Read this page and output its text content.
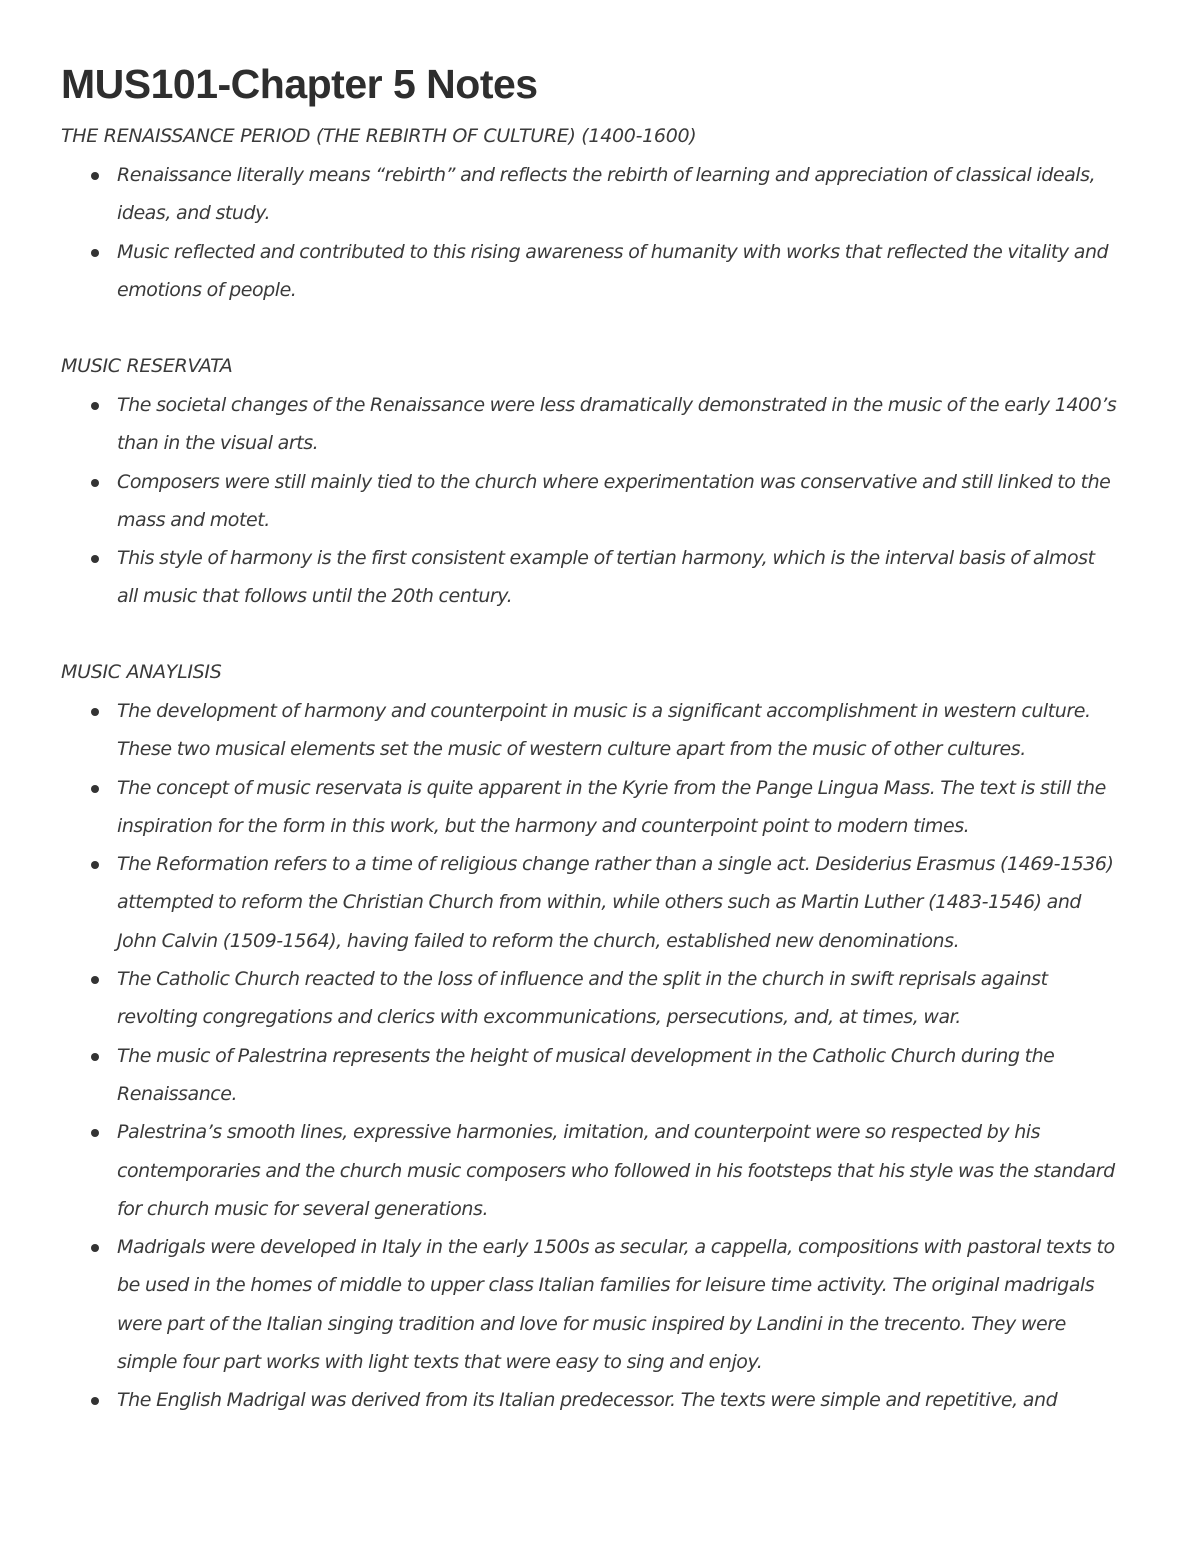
MUS101-Chapter 5 Notes
THE RENAISSANCE PERIOD (THE REBIRTH OF CULTURE) (1400-1600)
Renaissance literally means “rebirth” and reflects the rebirth of learning and appreciation of classical ideals, ideas, and study.
Music reflected and contributed to this rising awareness of humanity with works that reflected the vitality and emotions of people.
MUSIC RESERVATA
The societal changes of the Renaissance were less dramatically demonstrated in the music of the early 1400’s than in the visual arts.
Composers were still mainly tied to the church where experimentation was conservative and still linked to the mass and motet.
This style of harmony is the first consistent example of tertian harmony, which is the interval basis of almost all music that follows until the 20th century.
MUSIC ANAYLISIS
The development of harmony and counterpoint in music is a significant accomplishment in western culture. These two musical elements set the music of western culture apart from the music of other cultures.
The concept of music reservata is quite apparent in the Kyrie from the Pange Lingua Mass. The text is still the inspiration for the form in this work, but the harmony and counterpoint point to modern times.
The Reformation refers to a time of religious change rather than a single act. Desiderius Erasmus (1469-1536) attempted to reform the Christian Church from within, while others such as Martin Luther (1483-1546) and John Calvin (1509-1564), having failed to reform the church, established new denominations.
The Catholic Church reacted to the loss of influence and the split in the church in swift reprisals against revolting congregations and clerics with excommunications, persecutions, and, at times, war.
The music of Palestrina represents the height of musical development in the Catholic Church during the Renaissance.
Palestrina’s smooth lines, expressive harmonies, imitation, and counterpoint were so respected by his contemporaries and the church music composers who followed in his footsteps that his style was the standard for church music for several generations.
Madrigals were developed in Italy in the early 1500s as secular, a cappella, compositions with pastoral texts to be used in the homes of middle to upper class Italian families for leisure time activity. The original madrigals were part of the Italian singing tradition and love for music inspired by Landini in the trecento. They were simple four part works with light texts that were easy to sing and enjoy.
The English Madrigal was derived from its Italian predecessor. The texts were simple and repetitive, and
